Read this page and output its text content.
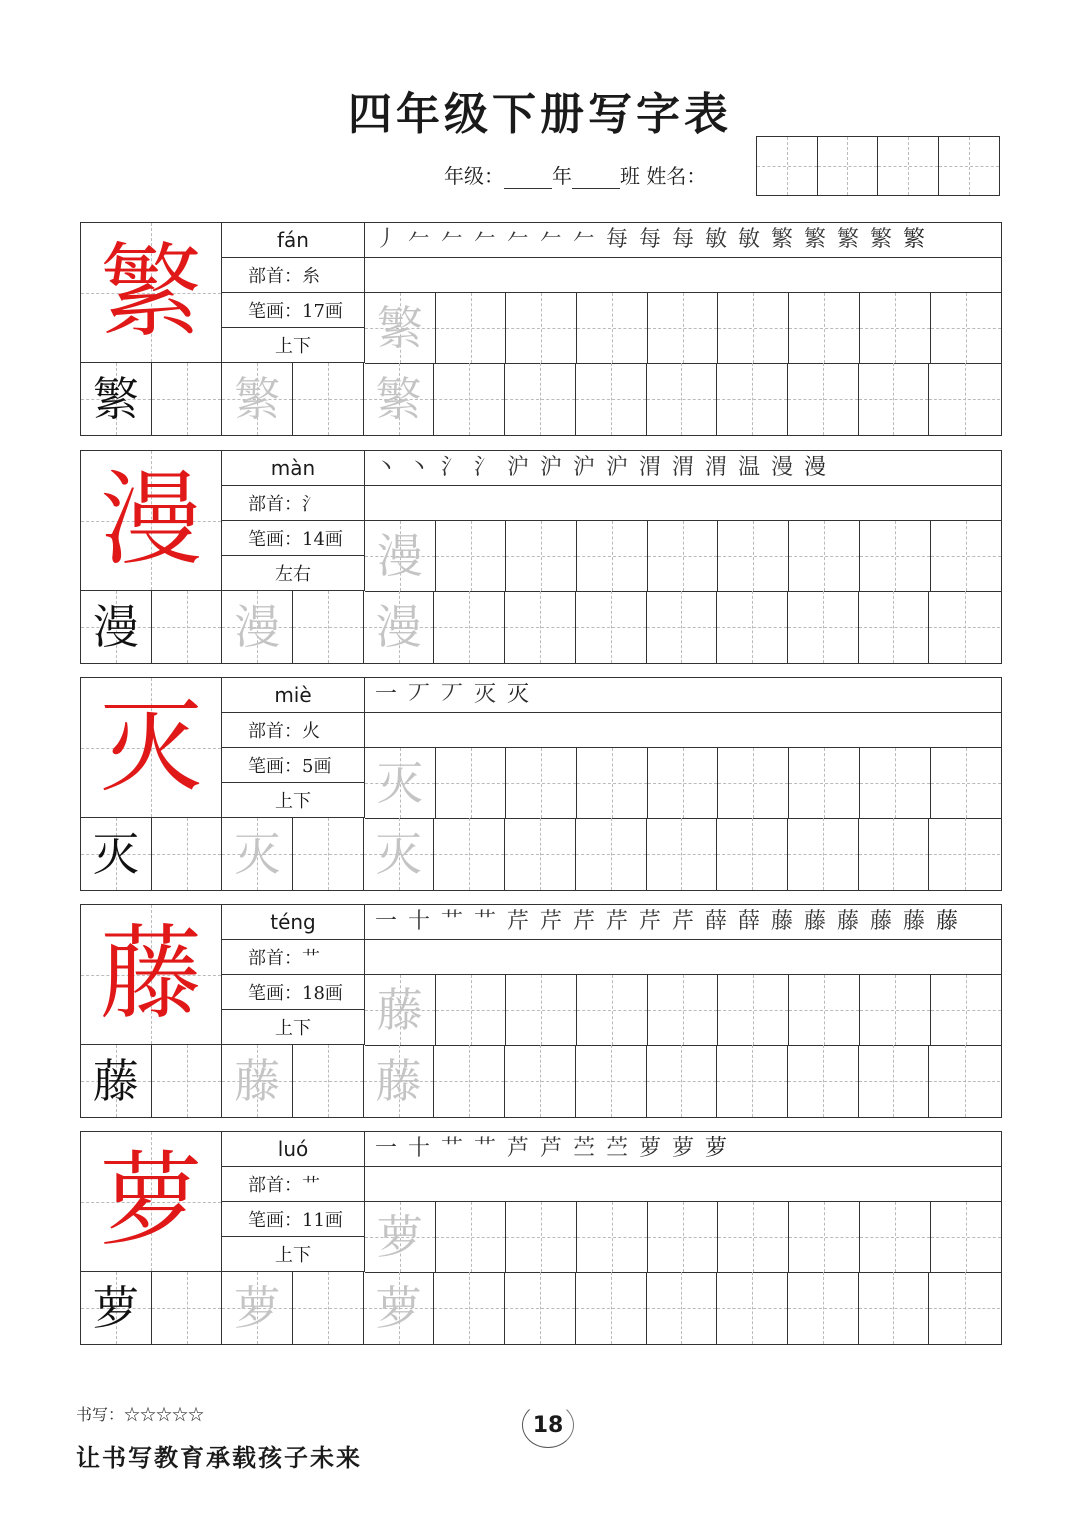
四年级下册写字表
年级： 年 班 姓名：
繁	fán
部首：糸
笔画：17画
上下
丿 𠂉 𠂉 𠂉 𠂉 𠂉 𠂉 每 每 每 敏 敏 繁 繁 繁 繁 繁
繁
繁 繁 繁
漫	màn
部首：氵
笔画：14画
左右
丶 丶 氵 氵 沪 沪 沪 沪 渭 渭 渭 温 漫 漫
漫
漫 漫 漫
灭	miè
部首：火
笔画：5画
上下
一 丆 丆 灭 灭
灭
灭 灭 灭
藤	téng
部首：艹
笔画：18画
上下
一 十 艹 艹 芹 芹 芹 芹 芹 芹 薛 薛 藤 藤 藤 藤 藤 藤
藤
藤 藤 藤
萝	luó
部首：艹
笔画：11画
上下
一 十 艹 艹 芦 芦 苎 苎 萝 萝 萝
萝
萝 萝 萝
书写：☆☆☆☆☆
让书写教育承载孩子未来
18
